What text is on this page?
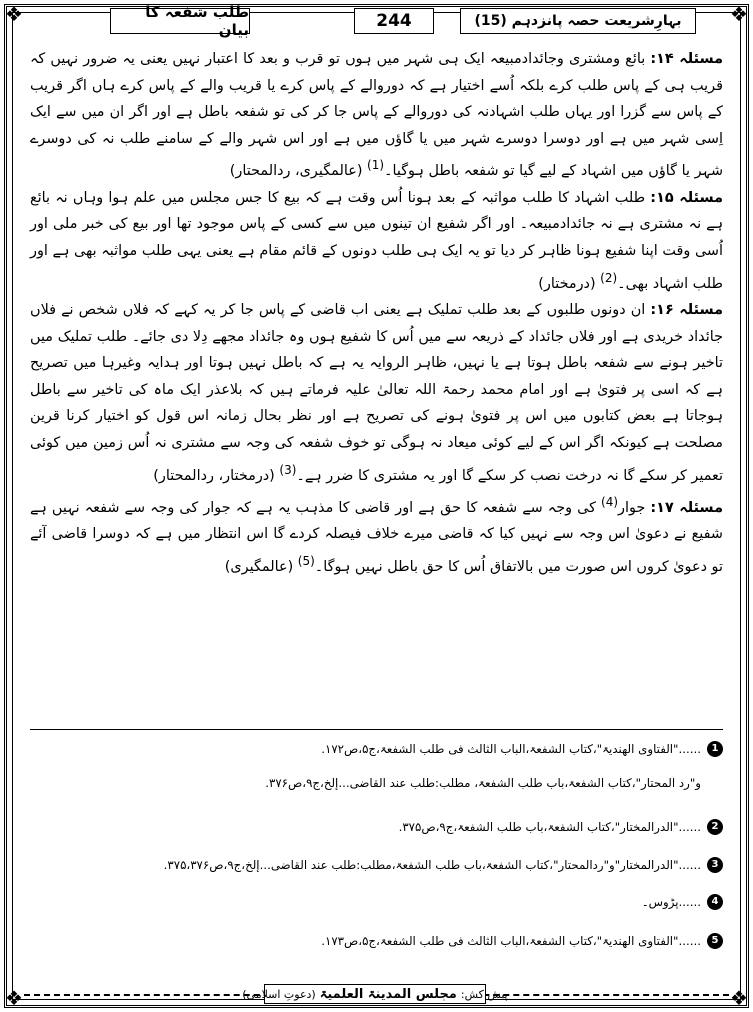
❖	❖
❖	❖
طلب شفعہ کا بیان	244	بہارِشریعت حصہ پانزدہم (15)

مسئلہ ۱۴: بائع ومشتری وجائدادمبیعہ ایک ہی شہر میں ہوں تو قرب و بعد کا اعتبار نہیں یعنی یہ ضرور نہیں کہ قریب ہی کے پاس طلب کرے بلکہ اُسے اختیار ہے کہ دوروالے کے پاس کرے یا قریب والے کے پاس کرے ہاں اگر قریب کے پاس سے گزرا اور یہاں طلب اشہادنہ کی دوروالے کے پاس جا کر کی تو شفعہ باطل ہے اور اگر ان میں سے ایک اِسی شہر میں ہے اور دوسرا دوسرے شہر میں یا گاؤں میں ہے اور اس شہر والے کے سامنے طلب نہ کی دوسرے شہر یا گاؤں میں اشہاد کے لیے گیا تو شفعہ باطل ہوگیا۔$^{(1)}$ (عالمگیری، ردالمحتار)

مسئلہ ۱۵: طلب اشہاد کا طلب مواثبہ کے بعد ہونا اُس وقت ہے کہ بیع کا جس مجلس میں علم ہوا وہاں نہ بائع ہے نہ مشتری ہے نہ جائدادمبیعہ۔ اور اگر شفیع ان تینوں میں سے کسی کے پاس موجود تھا اور بیع کی خبر ملی اور اُسی وقت اپنا شفیع ہونا ظاہر کر دیا تو یہ ایک ہی طلب دونوں کے قائم مقام ہے یعنی یہی طلب مواثبہ بھی ہے اور طلب اشہاد بھی۔$^{(2)}$ (درمختار)

مسئلہ ۱۶: ان دونوں طلبوں کے بعد طلب تملیک ہے یعنی اب قاضی کے پاس جا کر یہ کہے کہ فلاں شخص نے فلاں جائداد خریدی ہے اور فلاں جائداد کے ذریعہ سے میں اُس کا شفیع ہوں وہ جائداد مجھے دِلا دی جائے۔ طلب تملیک میں تاخیر ہونے سے شفعہ باطل ہوتا ہے یا نہیں، ظاہر الروایہ یہ ہے کہ باطل نہیں ہوتا اور ہدایہ وغیرہا میں تصریح ہے کہ اسی پر فتویٰ ہے اور امام محمد رحمۃ اللہ تعالیٰ علیہ فرماتے ہیں کہ بلاعذر ایک ماہ کی تاخیر سے باطل ہوجاتا ہے بعض کتابوں میں اس پر فتویٰ ہونے کی تصریح ہے اور نظر بحال زمانہ اس قول کو اختیار کرنا قرین مصلحت ہے کیونکہ اگر اس کے لیے کوئی میعاد نہ ہوگی تو خوف شفعہ کی وجہ سے مشتری نہ اُس زمین میں کوئی تعمیر کر سکے گا نہ درخت نصب کر سکے گا اور یہ مشتری کا ضرر ہے۔$^{(3)}$ (درمختار، ردالمحتار)

مسئلہ ۱۷: جوار$^{(4)}$ کی وجہ سے شفعہ کا حق ہے اور قاضی کا مذہب یہ ہے کہ جوار کی وجہ سے شفعہ نہیں ہے شفیع نے دعویٰ اس وجہ سے نہیں کیا کہ قاضی میرے خلاف فیصلہ کردے گا اس انتظار میں ہے کہ دوسرا قاضی آئے تو دعویٰ کروں اس صورت میں بالاتفاق اُس کا حق باطل نہیں ہوگا۔$^{(5)}$ (عالمگیری)

1
......"الفتاوی الھندیۃ"،کتاب الشفعۃ،الباب الثالث فی طلب الشفعۃ،ج۵،ص۱۷۲.
و"رد المحتار"،کتاب الشفعۃ،باب طلب الشفعۃ، مطلب:طلب عند القاضی...إلخ،ج۹،ص۳۷۶.
2
......"الدرالمختار"،کتاب الشفعۃ،باب طلب الشفعۃ،ج۹،ص۳۷۵.
3
......"الدرالمختار"و"ردالمحتار"،کتاب الشفعۃ،باب طلب الشفعۃ،مطلب:طلب عند القاضی...إلخ،ج۹،ص۳۷۵،۳۷۶.
4
......پڑوس۔
5
......"الفتاوی الھندیۃ"،کتاب الشفعۃ،الباب الثالث فی طلب الشفعۃ،ج۵،ص۱۷۳.
پیش کش:
مجلس المدینۃ العلمیۃ
(دعوتِ اسلامی)
